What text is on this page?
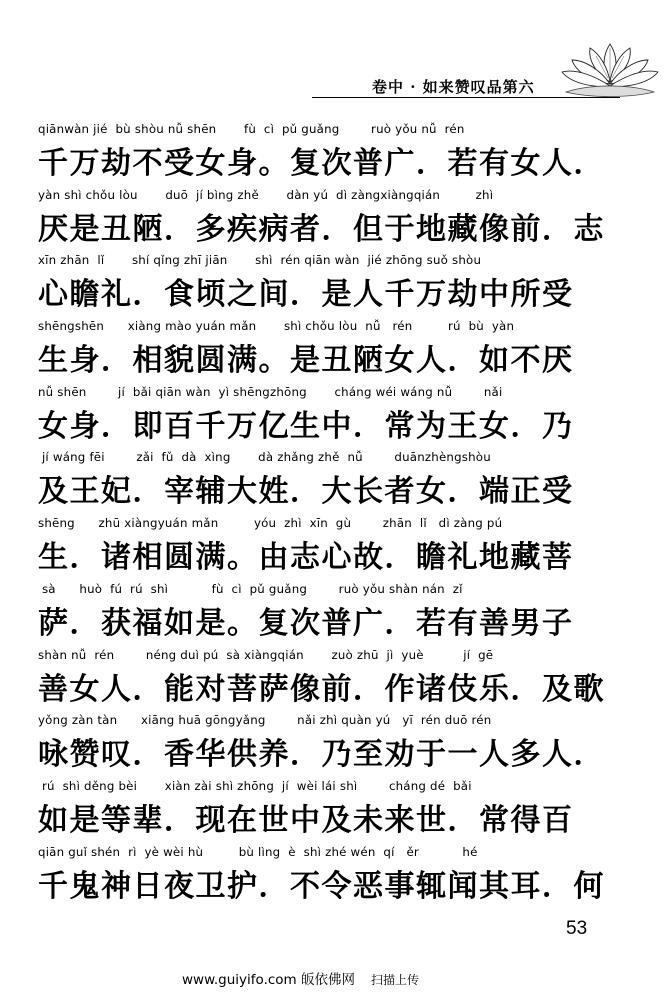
卷中 · 如来赞叹品第六
qiānwàn jié  bù shòu nǚ shēn       fù  cì  pǔ guǎng        ruò yǒu nǚ  rén
千万劫不受女身。复次普广．若有女人．
yàn shì chǒu lòu       duō  jí bìng zhě       dàn yú  dì zàngxiàngqián         zhì
厌是丑陋．多疾病者．但于地藏像前．志
xīn zhān  lǐ       shí qǐng zhī jiān       shì  rén qiān wàn  jié zhōng suǒ shòu
心瞻礼．食顷之间．是人千万劫中所受
shēngshēn      xiàng mào yuán mǎn       shì chǒu lòu  nǚ   rén         rú  bù  yàn
生身．相貌圆满。是丑陋女人．如不厌
nǚ shēn        jí  bǎi qiān wàn  yì shēngzhōng       cháng wéi wáng nǚ        nǎi
女身．即百千万亿生中．常为王女．乃
jí wáng fēi        zǎi  fǔ  dà  xìng       dà zhǎng zhě  nǚ        duānzhèngshòu
及王妃．宰辅大姓．大长者女．端正受
shēng      zhū xiàngyuán mǎn         yóu  zhì  xīn  gù        zhān  lǐ   dì zàng pú
生．诸相圆满。由志心故．瞻礼地藏菩
sà      huò  fú  rú  shì           fù  cì  pǔ guǎng        ruò yǒu shàn nán  zǐ
萨．获福如是。复次普广．若有善男子
shàn nǚ  rén        néng duì pú  sà xiàngqián       zuò zhū  jì  yuè          jí  gē
善女人．能对菩萨像前．作诸伎乐．及歌
yǒng zàn tàn      xiāng huā gōngyǎng        nǎi zhì quàn yú   yī  rén duō rén
咏赞叹．香华供养．乃至劝于一人多人．
rú  shì děng bèi       xiàn zài shì zhōng  jí  wèi lái shì        cháng dé  bǎi
如是等辈．现在世中及未来世．常得百
qiān guǐ shén  rì  yè wèi hù         bù lìng  è  shì zhé wén  qí   ěr           hé
千鬼神日夜卫护．不令恶事辄闻其耳．何
53
www.guiyifo.com 皈依佛网 扫描上传
